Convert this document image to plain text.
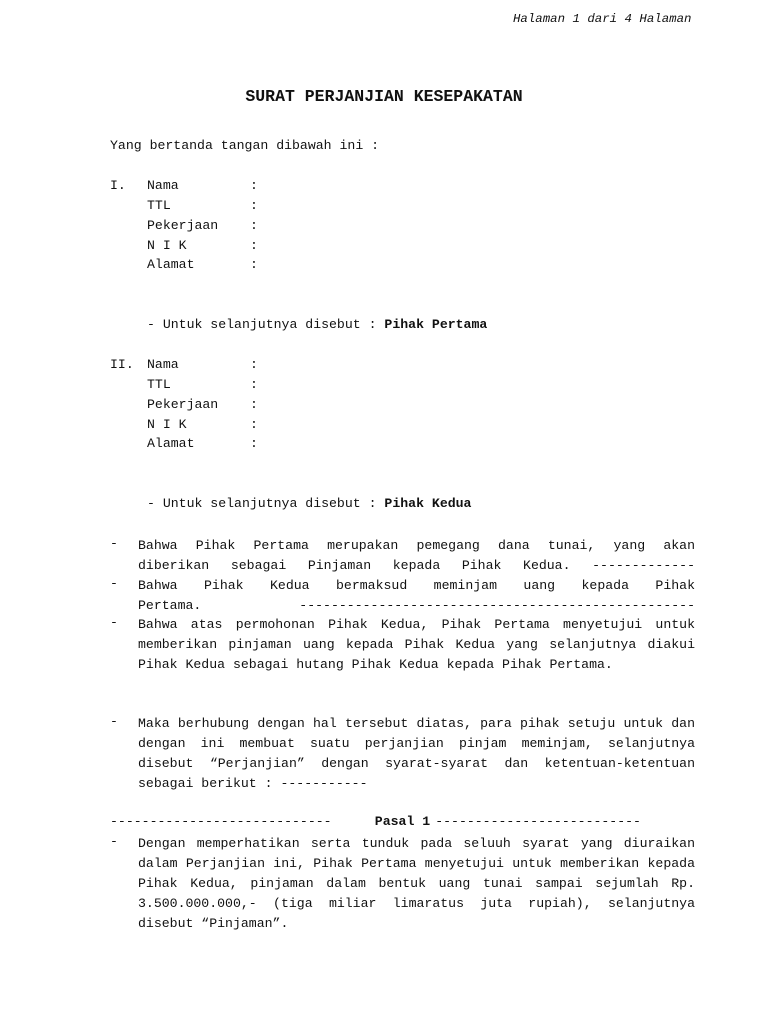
Halaman 1 dari 4 Halaman
SURAT PERJANJIAN KESEPAKATAN
Yang bertanda tangan dibawah ini :
I. Nama	:
TTL	:
Pekerjaan :
N I K	:
Alamat	:
- Untuk selanjutnya disebut : Pihak Pertama
II. Nama	:
TTL	:
Pekerjaan :
N I K	:
Alamat	:
- Untuk selanjutnya disebut : Pihak Kedua
- Bahwa Pihak Pertama merupakan pemegang dana tunai, yang akan
diberikan sebagai Pinjaman kepada Pihak Kedua. -------------
- Bahwa Pihak Kedua bermaksud meminjam uang kepada Pihak
Pertama. --------------------------------------------------
- Bahwa atas permohonan Pihak Kedua, Pihak Pertama menyetujui untuk memberikan pinjaman uang kepada Pihak Kedua yang selanjutnya diakui Pihak Kedua sebagai hutang Pihak Kedua kepada Pihak Pertama.
- Maka berhubung dengan hal tersebut diatas, para pihak setuju untuk dan dengan ini membuat suatu perjanjian pinjam meminjam, selanjutnya disebut “Perjanjian” dengan syarat-syarat dan ketentuan-ketentuan sebagai berikut : -----------
----------------------------	Pasal 1 --------------------------
- Dengan memperhatikan serta tunduk pada seluuh syarat yang diuraikan dalam Perjanjian ini, Pihak Pertama menyetujui untuk memberikan kepada Pihak Kedua, pinjaman dalam bentuk uang tunai sampai sejumlah Rp. 3.500.000.000,- (tiga miliar limaratus juta rupiah), selanjutnya disebut “Pinjaman”.
